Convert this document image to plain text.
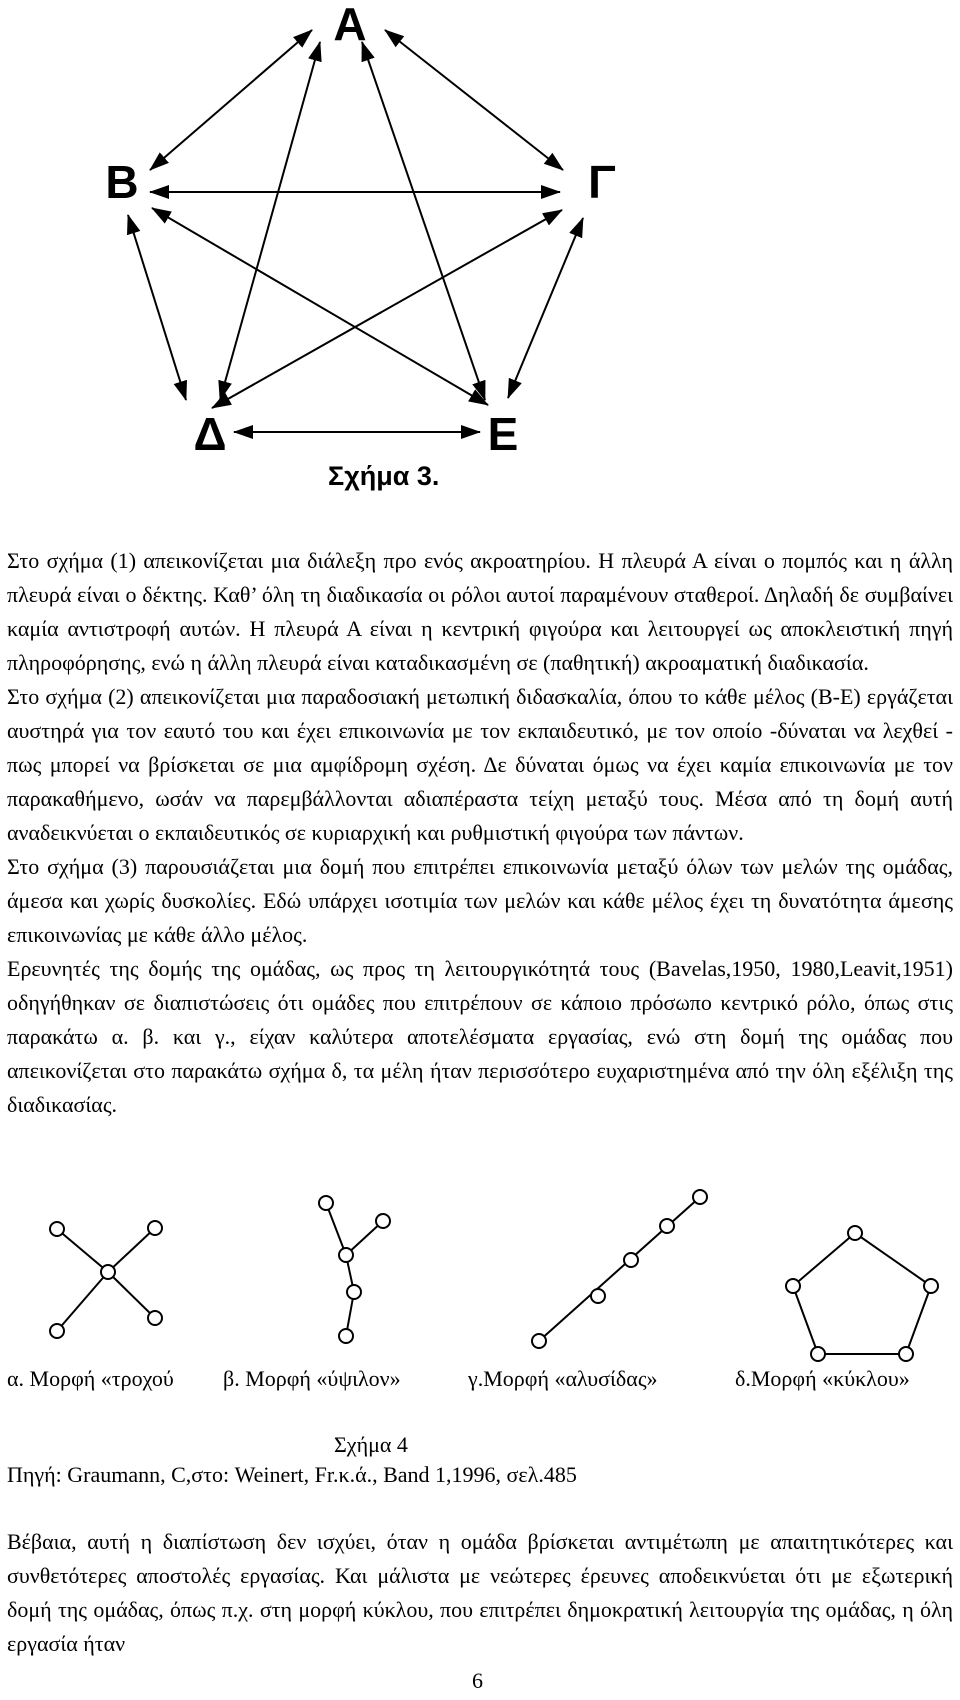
Α
Β	Γ
Δ	Ε
Σχήμα 3.

Στο σχήμα (1) απεικονίζεται μια διάλεξη προ ενός ακροατηρίου. Η πλευρά Α είναι ο πομπός και η άλλη πλευρά είναι ο δέκτης. Καθ’ όλη τη διαδικασία οι ρόλοι αυτοί παραμένουν σταθεροί. Δηλαδή δε συμβαίνει καμία αντιστροφή αυτών. Η πλευρά Α είναι η κεντρική φιγούρα και λειτουργεί ως αποκλειστική πηγή πληροφόρησης, ενώ η άλλη πλευρά είναι καταδικασμένη σε (παθητική) ακροαματική διαδικασία.

Στο σχήμα (2) απεικονίζεται μια παραδοσιακή μετωπική διδασκαλία, όπου το κάθε μέλος (Β-Ε) εργάζεται αυστηρά για τον εαυτό του και έχει επικοινωνία με τον εκπαιδευτικό, με τον οποίο -δύναται να λεχθεί - πως μπορεί να βρίσκεται σε μια αμφίδρομη σχέση. Δε δύναται όμως να έχει καμία επικοινωνία με τον παρακαθήμενο, ωσάν να παρεμβάλλονται αδιαπέραστα τείχη μεταξύ τους. Μέσα από τη δομή αυτή αναδεικνύεται ο εκπαιδευτικός σε κυριαρχική και ρυθμιστική φιγούρα των πάντων.

Στο σχήμα (3) παρουσιάζεται μια δομή που επιτρέπει επικοινωνία μεταξύ όλων των μελών της ομάδας, άμεσα και χωρίς δυσκολίες. Εδώ υπάρχει ισοτιμία των μελών και κάθε μέλος έχει τη δυνατότητα άμεσης επικοινωνίας με κάθε άλλο μέλος.

Ερευνητές της δομής της ομάδας, ως προς τη λειτουργικότητά τους (Bavelas,1950, 1980,Leavit,1951) οδηγήθηκαν σε διαπιστώσεις ότι ομάδες που επιτρέπουν σε κάποιο πρόσωπο κεντρικό ρόλο, όπως στις παρακάτω α. β. και γ., είχαν καλύτερα αποτελέσματα εργασίας, ενώ στη δομή της ομάδας που απεικονίζεται στο παρακάτω σχήμα δ, τα μέλη ήταν περισσότερο ευχαριστημένα από την όλη εξέλιξη της διαδικασίας.

α. Μορφή «τροχού β. Μορφή «ύψιλον»	γ.Μορφή «αλυσίδας»	δ.Μορφή «κύκλου»
Σχήμα 4
Πηγή: Graumann, C,στο: Weinert, Fr.κ.ά., Band 1,1996, σελ.485

Βέβαια, αυτή η διαπίστωση δεν ισχύει, όταν η ομάδα βρίσκεται αντιμέτωπη με απαιτητικότερες και συνθετότερες αποστολές εργασίας. Και μάλιστα με νεώτερες έρευνες αποδεικνύεται ότι με εξωτερική δομή της ομάδας, όπως π.χ. στη μορφή κύκλου, που επιτρέπει δημοκρατική λειτουργία της ομάδας, η όλη εργασία ήταν

6
